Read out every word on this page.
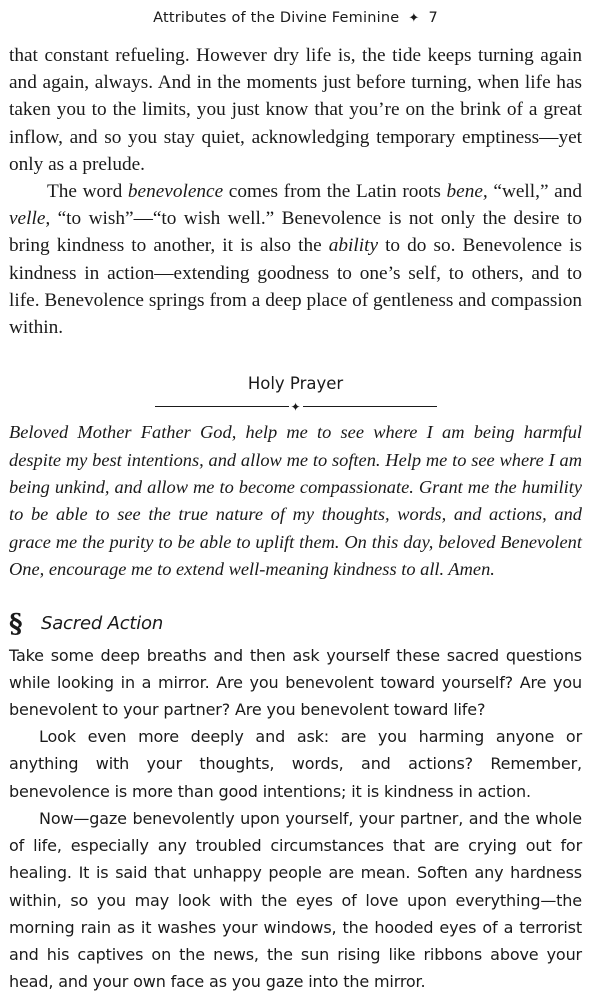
Attributes of the Divine Feminine ✦ 7

that constant refueling. However dry life is, the tide keeps turning again and again, always. And in the moments just before turning, when life has taken you to the limits, you just know that you’re on the brink of a great inflow, and so you stay quiet, acknowledging temporary emptiness—yet only as a prelude.

The word benevolence comes from the Latin roots bene, “well,” and velle, “to wish”—“to wish well.” Benevolence is not only the desire to bring kindness to another, it is also the ability to do so. Benevolence is kindness in action—extending goodness to one’s self, to others, and to life. Benevolence springs from a deep place of gentleness and compassion within.

Holy Prayer
✦

Beloved Mother Father God, help me to see where I am being harmful despite my best intentions, and allow me to soften. Help me to see where I am being unkind, and allow me to become compassionate. Grant me the humility to be able to see the true nature of my thoughts, words, and actions, and grace me the purity to be able to uplift them. On this day, beloved Benevolent One, encourage me to extend well-meaning kindness to all. Amen.

§	Sacred Action

Take some deep breaths and then ask yourself these sacred questions while looking in a mirror. Are you benevolent toward yourself? Are you benevolent to your partner? Are you benevolent toward life?

Look even more deeply and ask: are you harming anyone or anything with your thoughts, words, and actions? Remember, benevolence is more than good intentions; it is kindness in action.

Now—gaze benevolently upon yourself, your partner, and the whole of life, especially any troubled circumstances that are crying out for healing. It is said that unhappy people are mean. Soften any hardness within, so you may look with the eyes of love upon everything—the morning rain as it washes your windows, the hooded eyes of a terrorist and his captives on the news, the sun rising like ribbons above your head, and your own face as you gaze into the mirror.
